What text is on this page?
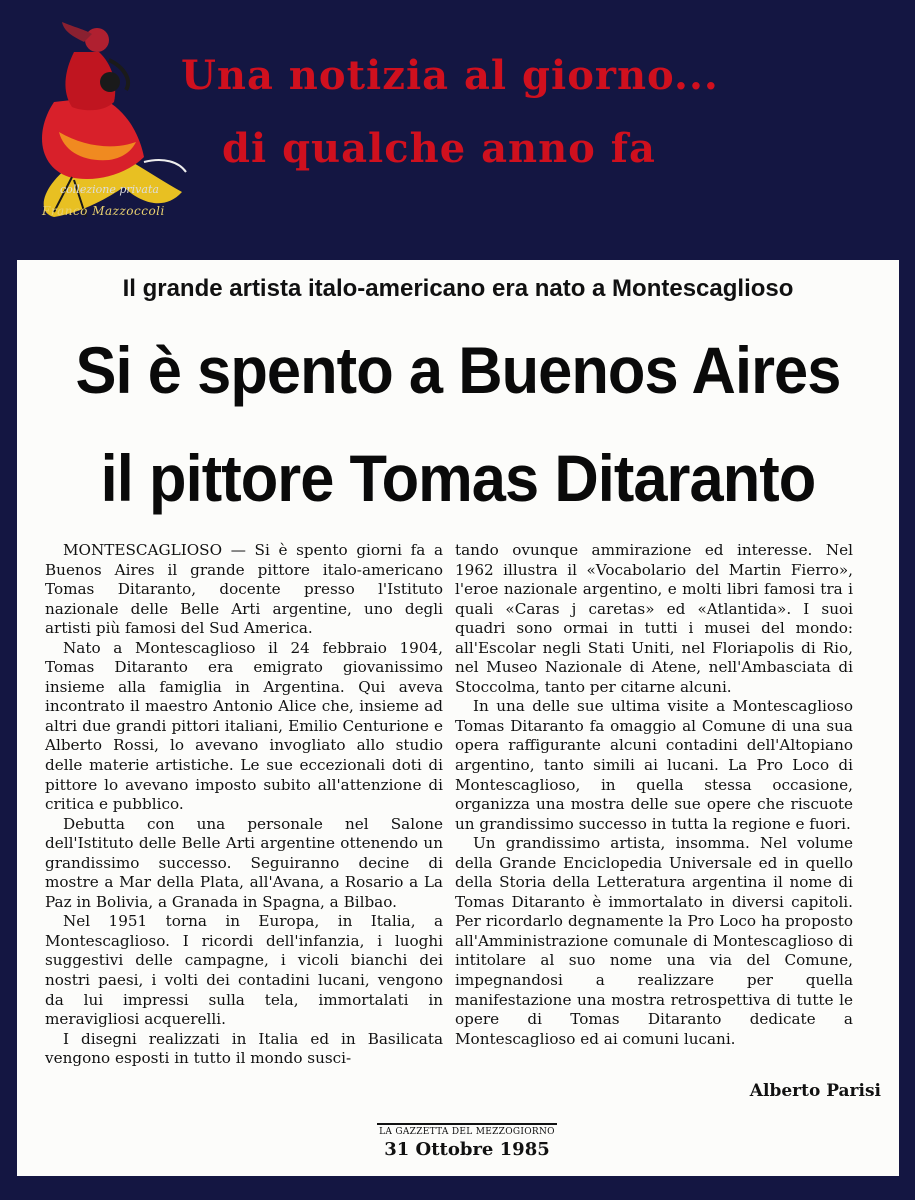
Una notizia al giorno...
di qualche anno fa
collezione privata
Franco Mazzoccoli
Il grande artista italo-americano era nato a Montescaglioso
Si è spento a Buenos Aires
il pittore Tomas Ditaranto

MONTESCAGLIOSO — Si è spento giorni fa a Buenos Aires il grande pittore italo-americano Tomas Ditaranto, docente presso l'Istituto nazionale delle Belle Arti argentine, uno degli artisti più famosi del Sud America.

Nato a Montescaglioso il 24 febbraio 1904, Tomas Ditaranto era emigrato giovanissimo insieme alla famiglia in Argentina. Qui aveva incontrato il maestro Antonio Alice che, insieme ad altri due grandi pittori italiani, Emilio Centurione e Alberto Rossi, lo avevano invogliato allo studio delle materie artistiche. Le sue eccezionali doti di pittore lo avevano imposto subito all'attenzione di critica e pubblico.

Debutta con una personale nel Salone dell'Istituto delle Belle Arti argentine ottenendo un grandissimo successo. Seguiranno decine di mostre a Mar della Plata, all'Avana, a Rosario a La Paz in Bolivia, a Granada in Spagna, a Bilbao.

Nel 1951 torna in Europa, in Italia, a Montescaglioso. I ricordi dell'infanzia, i luoghi suggestivi delle campagne, i vicoli bianchi dei nostri paesi, i volti dei contadini lucani, vengono da lui impressi sulla tela, immortalati in meravigliosi acquerelli.

I disegni realizzati in Italia ed in Basilicata vengono esposti in tutto il mondo susci-

tando ovunque ammirazione ed interesse. Nel 1962 illustra il «Vocabolario del Martin Fierro», l'eroe nazionale argentino, e molti libri famosi tra i quali «Caras j caretas» ed «Atlantida». I suoi quadri sono ormai in tutti i musei del mondo: all'Escolar negli Stati Uniti, nel Floriapolis di Rio, nel Museo Nazionale di Atene, nell'Ambasciata di Stoccolma, tanto per citarne alcuni.

In una delle sue ultima visite a Montescaglioso Tomas Ditaranto fa omaggio al Comune di una sua opera raffigurante alcuni contadini dell'Altopiano argentino, tanto simili ai lucani. La Pro Loco di Montescaglioso, in quella stessa occasione, organizza una mostra delle sue opere che riscuote un grandissimo successo in tutta la regione e fuori.

Un grandissimo artista, insomma. Nel volume della Grande Enciclopedia Universale ed in quello della Storia della Letteratura argentina il nome di Tomas Ditaranto è immortalato in diversi capitoli. Per ricordarlo degnamente la Pro Loco ha proposto all'Amministrazione comunale di Montescaglioso di intitolare al suo nome una via del Comune, impegnandosi a realizzare per quella manifestazione una mostra retrospettiva di tutte le opere di Tomas Ditaranto dedicate a Montescaglioso ed ai comuni lucani.

Alberto Parisi
LA GAZZETTA DEL MEZZOGIORNO
31 Ottobre 1985
